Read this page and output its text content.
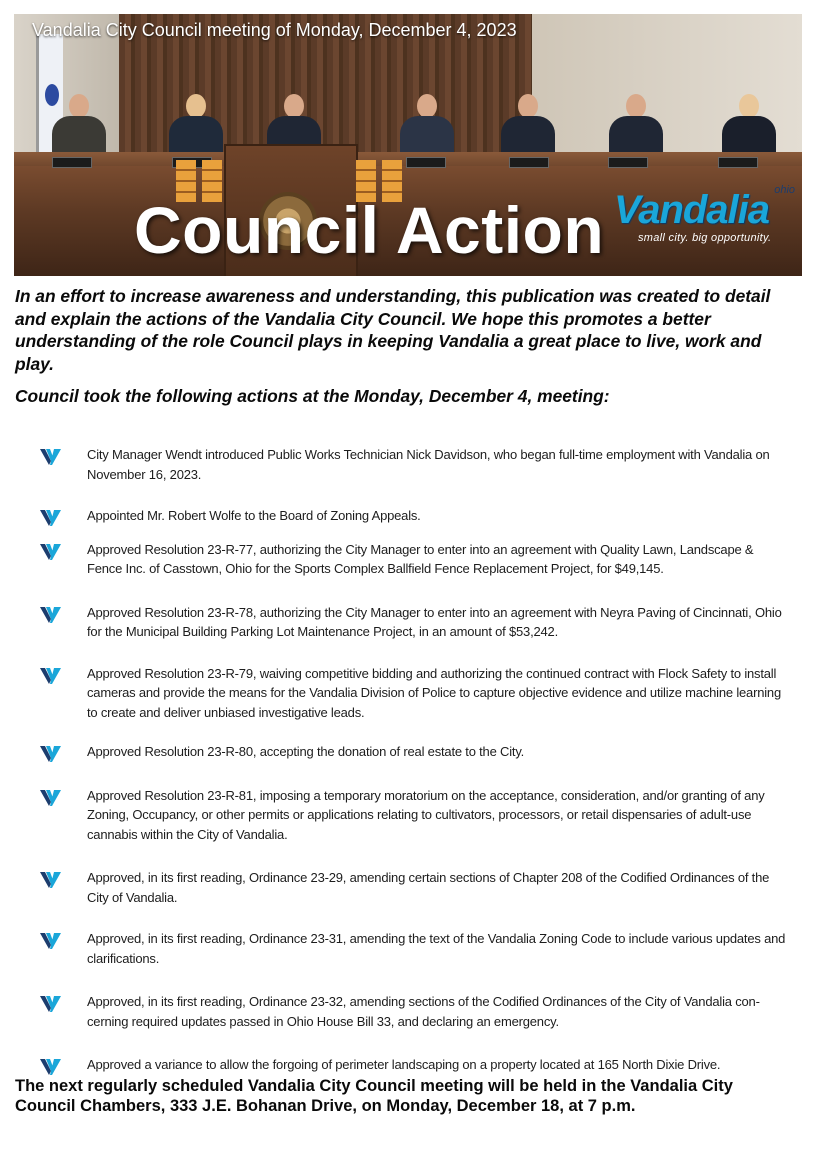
Vandalia City Council meeting of Monday, December 4, 2023
Council Action
ohio
Vandalia
small city. big opportunity.
In an effort to increase awareness and understanding, this publication was created to detail and explain the actions of the Vandalia City Council. We hope this promotes a better understanding of the role Council plays in keeping Vandalia a great place to live, work and play.
Council took the following actions at the Monday, December 4, meeting:
City Manager Wendt introduced Public Works Technician Nick Davidson, who began full-time employment with Vandalia on November 16, 2023.
Appointed Mr. Robert Wolfe to the Board of Zoning Appeals.
Approved Resolution 23-R-77, authorizing the City Manager to enter into an agreement with Quality Lawn, Landscape & Fence Inc. of Casstown, Ohio for the Sports Complex Ballfield Fence Replacement Project, for $49,145.
Approved Resolution 23-R-78, authorizing the City Manager to enter into an agreement with Neyra Paving of Cincinnati, Ohio for the Municipal Building Parking Lot Maintenance Project, in an amount of $53,242.
Approved Resolution 23-R-79, waiving competitive bidding and authorizing the continued contract with Flock Safety to install cameras and provide the means for the Vandalia Division of Police to capture objective evidence and utilize machine learning to create and deliver unbiased investigative leads.
Approved Resolution 23-R-80, accepting the donation of real estate to the City.
Approved Resolution 23-R-81, imposing a temporary moratorium on the acceptance, consideration, and/or granting of any Zoning, Occupancy, or other permits or applications relating to cultivators, processors, or retail dispensaries of adult-use cannabis within the City of Vandalia.
Approved, in its first reading, Ordinance 23-29, amending certain sections of Chapter 208 of the Codified Ordinances of the City of Vandalia.
Approved, in its first reading, Ordinance 23-31, amending the text of the Vandalia Zoning Code to include various updates and clarifications.
Approved, in its first reading, Ordinance 23-32, amending sections of the Codified Ordinances of the City of Vandalia con-cerning required updates passed in Ohio House Bill 33, and declaring an emergency.
Approved a variance to allow the forgoing of perimeter landscaping on a property located at 165 North Dixie Drive.
The next regularly scheduled Vandalia City Council meeting will be held in the Vandalia City Council Chambers, 333 J.E. Bohanan Drive, on Monday, December 18, at 7 p.m.
